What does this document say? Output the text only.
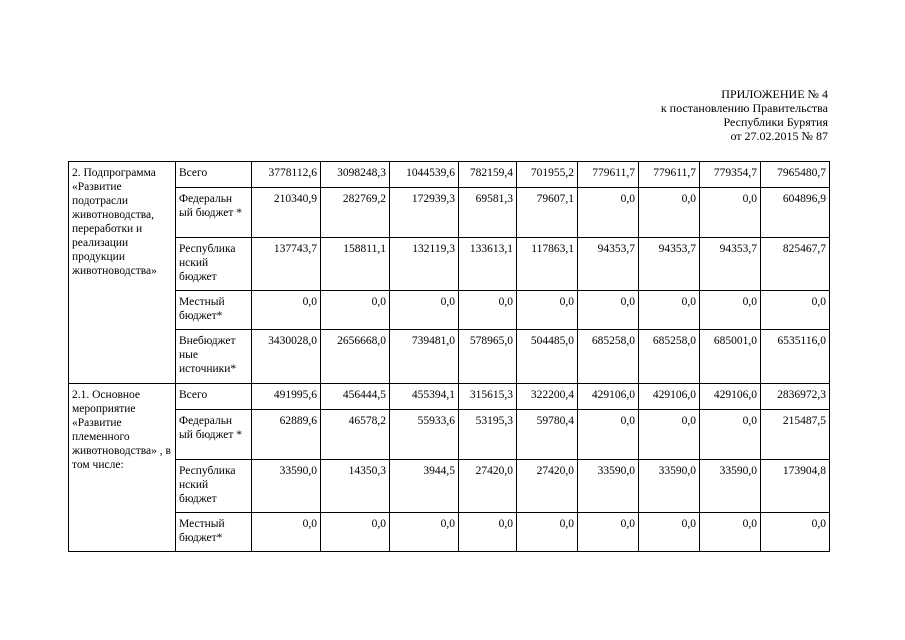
ПРИЛОЖЕНИЕ № 4
к постановлению Правительства
Республики Бурятия
от 27.02.2015 № 87
2. Подпрограмма «Развитие подотрасли животноводства, переработки и реализации продукции животноводства»	Всего	3778112,6	3098248,3	1044539,6	782159,4	701955,2	779611,7	779611,7	779354,7	7965480,7
	Федеральн ый бюджет *	210340,9	282769,2	172939,3	69581,3	79607,1	0,0	0,0	0,0	604896,9
	Республика нский бюджет	137743,7	158811,1	132119,3	133613,1	117863,1	94353,7	94353,7	94353,7	825467,7
	Местный бюджет*	0,0	0,0	0,0	0,0	0,0	0,0	0,0	0,0	0,0
	Внебюджет ные источники*	3430028,0	2656668,0	739481,0	578965,0	504485,0	685258,0	685258,0	685001,0	6535116,0
2.1. Основное мероприятие «Развитие племенного животноводства» , в том числе:	Всего	491995,6	456444,5	455394,1	315615,3	322200,4	429106,0	429106,0	429106,0	2836972,3
	Федеральн ый бюджет *	62889,6	46578,2	55933,6	53195,3	59780,4	0,0	0,0	0,0	215487,5
	Республика нский бюджет	33590,0	14350,3	3944,5	27420,0	27420,0	33590,0	33590,0	33590,0	173904,8
	Местный бюджет*	0,0	0,0	0,0	0,0	0,0	0,0	0,0	0,0	0,0
